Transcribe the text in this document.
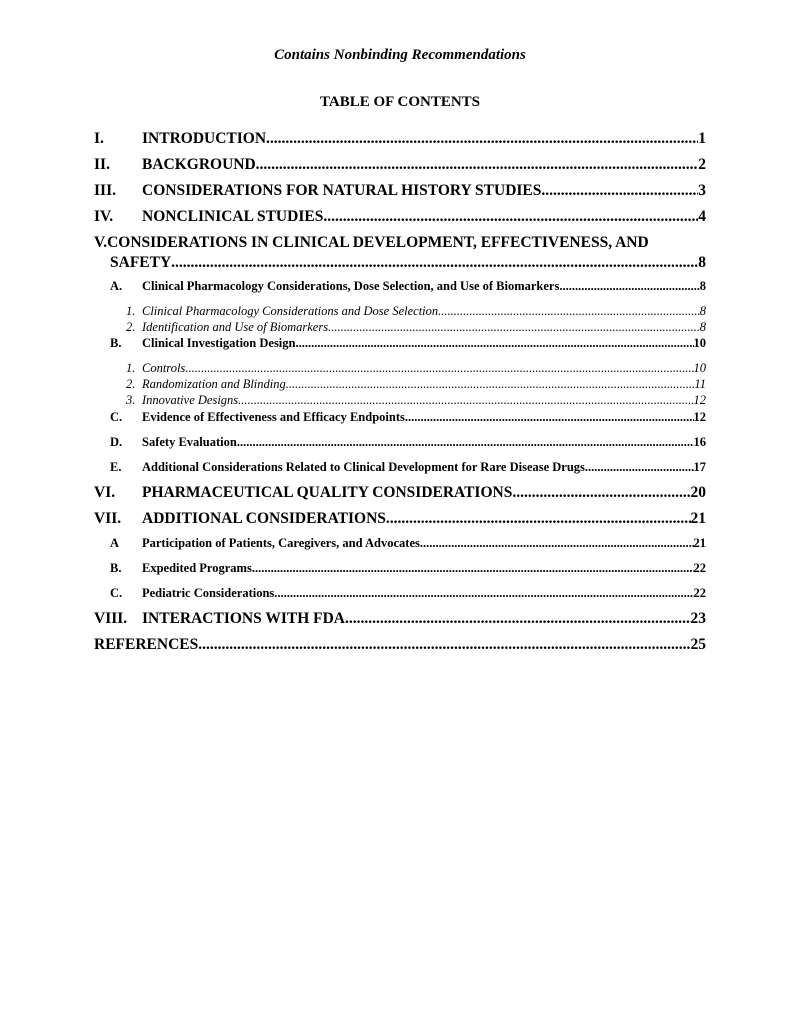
Contains Nonbinding Recommendations
TABLE OF CONTENTS
I.	INTRODUCTION .....	1
II.	BACKGROUND .....	2
III.	CONSIDERATIONS FOR NATURAL HISTORY STUDIES .....	3
IV.	NONCLINICAL STUDIES .....	4
V.CONSIDERATIONS IN CLINICAL DEVELOPMENT, EFFECTIVENESS, AND
SAFETY .....	8
A.	Clinical Pharmacology Considerations, Dose Selection, and Use of Biomarkers .....	8
1. Clinical Pharmacology Considerations and Dose Selection .....	8
2. Identification and Use of Biomarkers .....	8
B.	Clinical Investigation Design .....	10
1. Controls .....	10
2. Randomization and Blinding .....	11
3. Innovative Designs .....	12
C.	Evidence of Effectiveness and Efficacy Endpoints .....	12
D.	Safety Evaluation .....	16
E.	Additional Considerations Related to Clinical Development for Rare Disease Drugs .....	17
VI.	PHARMACEUTICAL QUALITY CONSIDERATIONS .....	20
VII.	ADDITIONAL CONSIDERATIONS .....	21
A	Participation of Patients, Caregivers, and Advocates .....	21
B.	Expedited Programs .....	22
C.	Pediatric Considerations .....	22
VIII. INTERACTIONS WITH FDA .....	23
REFERENCES .....	25
